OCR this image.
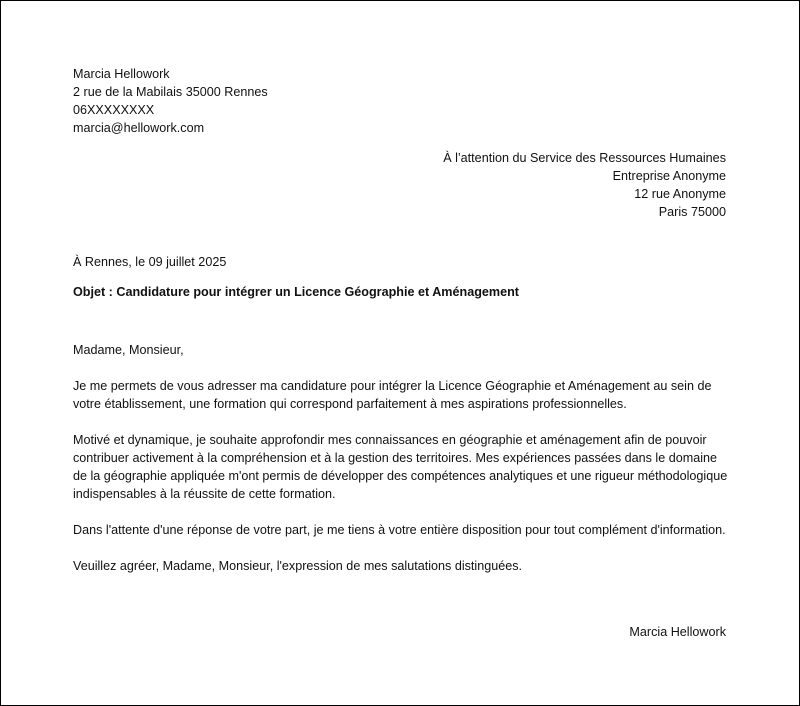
Marcia Hellowork
2 rue de la Mabilais 35000 Rennes
06XXXXXXXX
marcia@hellowork.com
À l’attention du Service des Ressources Humaines
Entreprise Anonyme
12 rue Anonyme
Paris 75000
À Rennes, le 09 juillet 2025
Objet : Candidature pour intégrer un Licence Géographie et Aménagement

Madame, Monsieur,

Je me permets de vous adresser ma candidature pour intégrer la Licence Géographie et Aménagement au sein de votre établissement, une formation qui correspond parfaitement à mes aspirations professionnelles.

Motivé et dynamique, je souhaite approfondir mes connaissances en géographie et aménagement afin de pouvoir contribuer activement à la compréhension et à la gestion des territoires. Mes expériences passées dans le domaine de la géographie appliquée m'ont permis de développer des compétences analytiques et une rigueur méthodologique indispensables à la réussite de cette formation.

Dans l'attente d'une réponse de votre part, je me tiens à votre entière disposition pour tout complément d'information.

Veuillez agréer, Madame, Monsieur, l'expression de mes salutations distinguées.

Marcia Hellowork
